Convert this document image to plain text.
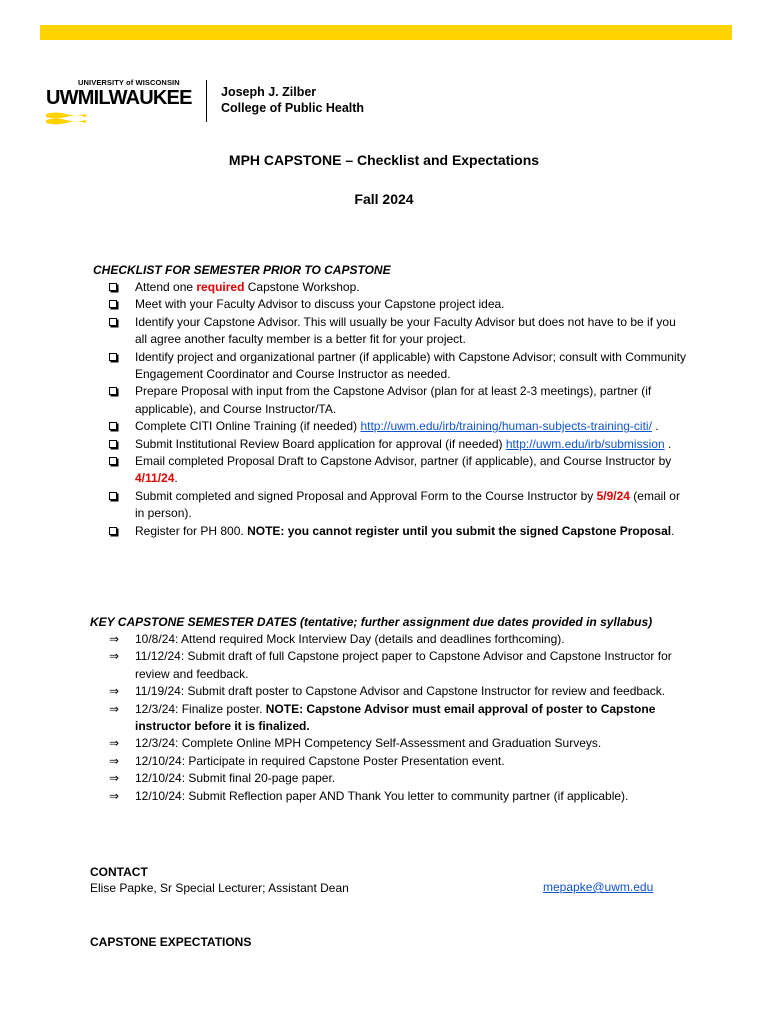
UNIVERSITY of WISCONSIN
UWMILWAUKEE Joseph J. Zilber
College of Public Health
MPH CAPSTONE – Checklist and Expectations
Fall 2024
CHECKLIST FOR SEMESTER PRIOR TO CAPSTONE
Attend one required Capstone Workshop.
Meet with your Faculty Advisor to discuss your Capstone project idea.
Identify your Capstone Advisor. This will usually be your Faculty Advisor but does not have to be if you all agree another faculty member is a better fit for your project.
Identify project and organizational partner (if applicable) with Capstone Advisor; consult with Community Engagement Coordinator and Course Instructor as needed.
Prepare Proposal with input from the Capstone Advisor (plan for at least 2-3 meetings), partner (if applicable), and Course Instructor/TA.
Complete CITI Online Training (if needed) http://uwm.edu/irb/training/human-subjects-training-citi/ .
Submit Institutional Review Board application for approval (if needed) http://uwm.edu/irb/submission .
Email completed Proposal Draft to Capstone Advisor, partner (if applicable), and Course Instructor by 4/11/24.
Submit completed and signed Proposal and Approval Form to the Course Instructor by 5/9/24 (email or in person).
Register for PH 800. NOTE: you cannot register until you submit the signed Capstone Proposal.
KEY CAPSTONE SEMESTER DATES (tentative; further assignment due dates provided in syllabus)
⇒	10/8/24: Attend required Mock Interview Day (details and deadlines forthcoming).
⇒	11/12/24: Submit draft of full Capstone project paper to Capstone Advisor and Capstone Instructor for review and feedback.
⇒	11/19/24: Submit draft poster to Capstone Advisor and Capstone Instructor for review and feedback.
⇒	12/3/24: Finalize poster. NOTE: Capstone Advisor must email approval of poster to Capstone instructor before it is finalized.
⇒	12/3/24: Complete Online MPH Competency Self-Assessment and Graduation Surveys.
⇒	12/10/24: Participate in required Capstone Poster Presentation event.
⇒	12/10/24: Submit final 20-page paper.
⇒	12/10/24: Submit Reflection paper AND Thank You letter to community partner (if applicable).
CONTACT
Elise Papke, Sr Special Lecturer; Assistant Dean	mepapke@uwm.edu
CAPSTONE EXPECTATIONS
